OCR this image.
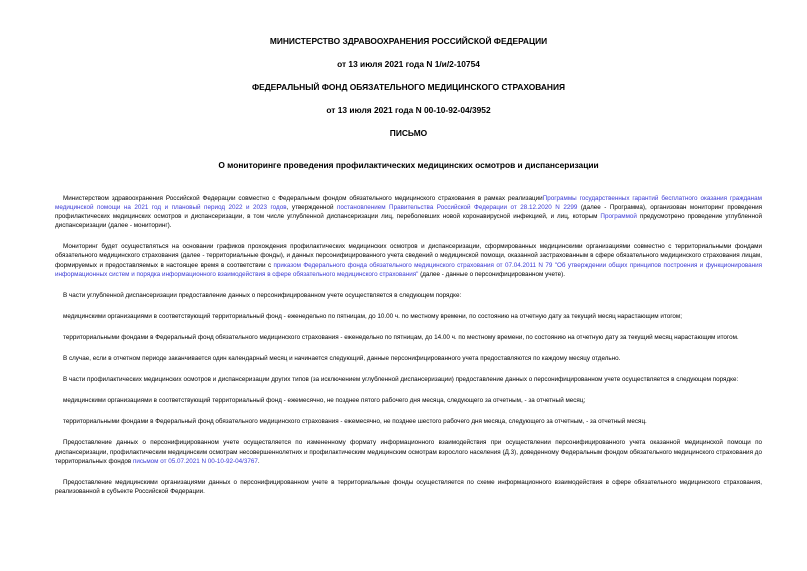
МИНИСТЕРСТВО ЗДРАВООХРАНЕНИЯ РОССИЙСКОЙ ФЕДЕРАЦИИ

от 13 июля 2021 года N 1/и/2-10754

ФЕДЕРАЛЬНЫЙ ФОНД ОБЯЗАТЕЛЬНОГО МЕДИЦИНСКОГО СТРАХОВАНИЯ

от 13 июля 2021 года N 00-10-92-04/3952

ПИСЬМО

О мониторинге проведения профилактических медицинских осмотров и диспансеризации

Министерством здравоохранения Российской Федерации совместно с Федеральным фондом обязательного медицинского страхования в рамках реализацииПрограммы государственных гарантий бесплатного оказания гражданам медицинской помощи на 2021 год и плановый период 2022 и 2023 годов, утвержденной постановлением Правительства Российской Федерации от 28.12.2020 N 2299 (далее - Программа), организован мониторинг проведения профилактических медицинских осмотров и диспансеризации, в том числе углубленной диспансеризации лиц, переболевших новой коронавирусной инфекцией, и лиц, которым Программой предусмотрено проведение углубленной диспансеризации (далее - мониторинг).

Мониторинг будет осуществляться на основании графиков прохождения профилактических медицинских осмотров и диспансеризации, сформированных медицинскими организациями совместно с территориальными фондами обязательного медицинского страхования (далее - территориальные фонды), и данных персонифицированного учета сведений о медицинской помощи, оказанной застрахованным в сфере обязательного медицинского страхования лицам, формируемых и предоставляемых в настоящее время в соответствии с приказом Федерального фонда обязательного медицинского страхования от 07.04.2011 N 79 "Об утверждении общих принципов построения и функционирования информационных систем и порядка информационного взаимодействия в сфере обязательного медицинского страхования" (далее - данные о персонифицированном учете).

В части углубленной диспансеризации предоставление данных о персонифицированном учете осуществляется в следующем порядке:

медицинскими организациями в соответствующий территориальный фонд - еженедельно по пятницам, до 10.00 ч. по местному времени, по состоянию на отчетную дату за текущий месяц нарастающим итогом;

территориальными фондами в Федеральный фонд обязательного медицинского страхования - еженедельно по пятницам, до 14.00 ч. по местному времени, по состоянию на отчетную дату за текущий месяц нарастающим итогом.

В случае, если в отчетном периоде заканчивается один календарный месяц и начинается следующий, данные персонифицированного учета предоставляются по каждому месяцу отдельно.

В части профилактических медицинских осмотров и диспансеризации других типов (за исключением углубленной диспансеризации) предоставление данных о персонифицированном учете осуществляется в следующем порядке:

медицинскими организациями в соответствующий территориальный фонд - ежемесячно, не позднее пятого рабочего дня месяца, следующего за отчетным, - за отчетный месяц;

территориальными фондами в Федеральный фонд обязательного медицинского страхования - ежемесячно, не позднее шестого рабочего дня месяца, следующего за отчетным, - за отчетный месяц.

Предоставление данных о персонифицированном учете осуществляется по измененному формату информационного взаимодействия при осуществлении персонифицированного учета оказанной медицинской помощи по диспансеризации, профилактическим медицинским осмотрам несовершеннолетних и профилактическим медицинским осмотрам взрослого населения (Д.3), доведенному Федеральным фондом обязательного медицинского страхования до территориальных фондов письмом от 05.07.2021 N 00-10-92-04/3767.

Предоставление медицинскими организациями данных о персонифицированном учете в территориальные фонды осуществляется по схеме информационного взаимодействия в сфере обязательного медицинского страхования, реализованной в субъекте Российской Федерации.
